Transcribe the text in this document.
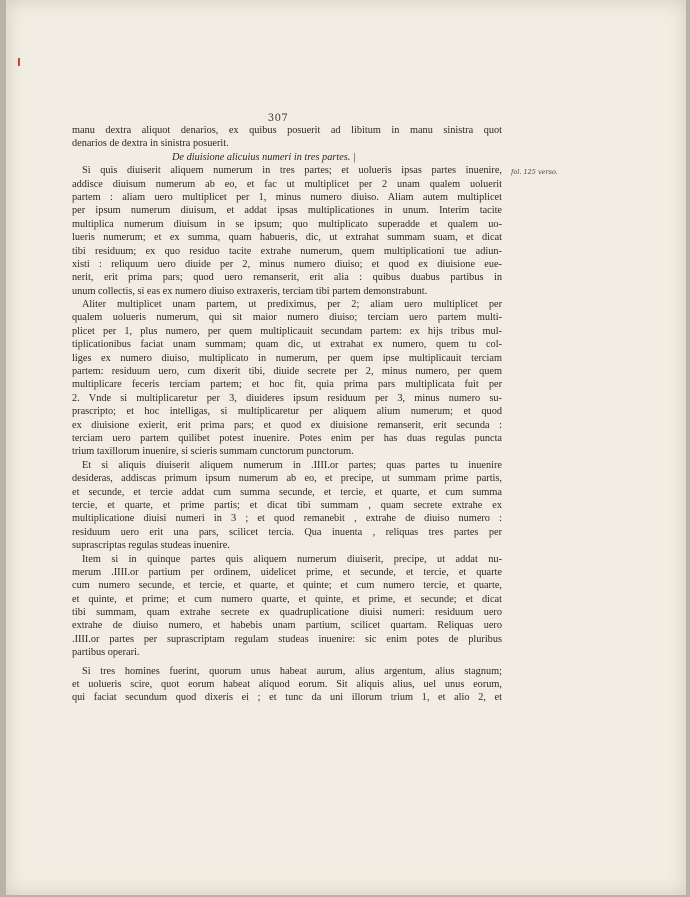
307
fol. 125 verso.
manu dextra aliquot denarios, ex quibus posuerit ad libitum in manu sinistra quot
denarios de dextra in sinistra posuerit.
De diuisione alicuius numeri in tres partes. |
Si quis diuiserit aliquem numerum in tres partes; et uolueris ipsas partes inuenire,
addisce diuisum numerum ab eo, et fac ut multiplicet per 2 unam qualem uoluerit
partem : aliam uero multiplicet per 1, minus numero diuiso. Aliam autem multiplicet
per ipsum numerum diuisum, et addat ipsas multiplicationes in unum. Interim tacite
multiplica numerum diuisum in se ipsum; quo multiplicato superadde et qualem uo-
lueris numerum; et ex summa, quam habueris, dic, ut extrahat summam suam, et dicat
tibi residuum; ex quo residuo tacite extrahe numerum, quem multiplicationi tue adiun-
xisti : reliquum uero diuide per 2, minus numero diuiso; et quod ex diuisione eue-
nerit, erit prima pars; quod uero remanserit, erit alia : quibus duabus partibus in
unum collectis, si eas ex numero diuiso extraxeris, terciam tibi partem demonstrabunt.
Aliter multiplicet unam partem, ut prediximus, per 2; aliam uero multiplicet per
qualem uolueris numerum, qui sit maior numero diuiso; terciam uero partem multi-
plicet per 1, plus numero, per quem multiplicauit secundam partem: ex hijs tribus mul-
tiplicationibus faciat unam summam; quam dic, ut extrahat ex numero, quem tu col-
liges ex numero diuiso, multiplicato in numerum, per quem ipse multiplicauit terciam
partem: residuum uero, cum dixerit tibi, diuide secrete per 2, minus numero, per quem
multiplicare feceris terciam partem; et hoc fit, quia prima pars multiplicata fuit per
2. Vnde si multiplicaretur per 3, diuideres ipsum residuum per 3, minus numero su-
prascripto; et hoc intelligas, si multiplicaretur per aliquem alium numerum; et quod
ex diuisione exierit, erit prima pars; et quod ex diuisione remanserit, erit secunda :
terciam uero partem quilibet potest inuenire. Potes enim per has duas regulas puncta
trium taxillorum inuenire, si scieris summam cunctorum punctorum.
Et si aliquis diuiserit aliquem numerum in .IIII.or partes; quas partes tu inuenire
desideras, addiscas primum ipsum numerum ab eo, et precipe, ut summam prime partis,
et secunde, et tercie addat cum summa secunde, et tercie, et quarte, et cum summa
tercie, et quarte, et prime partis; et dicat tibi summam , quam secrete extrahe ex
multiplicatione diuisi numeri in 3 ; et quod remanebit , extrahe de diuiso numero :
residuum uero erit una pars, scilicet tercia. Qua inuenta , reliquas tres partes per
suprascriptas regulas studeas inuenire.
Item si in quinque partes quis aliquem numerum diuiserit, precipe, ut addat nu-
merum .IIII.or partium per ordinem, uidelicet prime, et secunde, et tercie, et quarte
cum numero secunde, et tercie, et quarte, et quinte; et cum numero tercie, et quarte,
et quinte, et prime; et cum numero quarte, et quinte, et prime, et secunde; et dicat
tibi summam, quam extrahe secrete ex quadruplicatione diuisi numeri: residuum uero
extrahe de diuiso numero, et habebis unam partium, scilicet quartam. Reliquas uero
.IIII.or partes per suprascriptam regulam studeas inuenire: sic enim potes de pluribus
partibus operari.
Si tres homines fuerint, quorum unus habeat aurum, alius argentum, alius stagnum;
et uolueris scire, quot eorum habeat aliquod eorum. Sit aliquis alius, uel unus eorum,
qui faciat secundum quod dixeris ei ; et tunc da uni illorum trium 1, et alio 2, et
